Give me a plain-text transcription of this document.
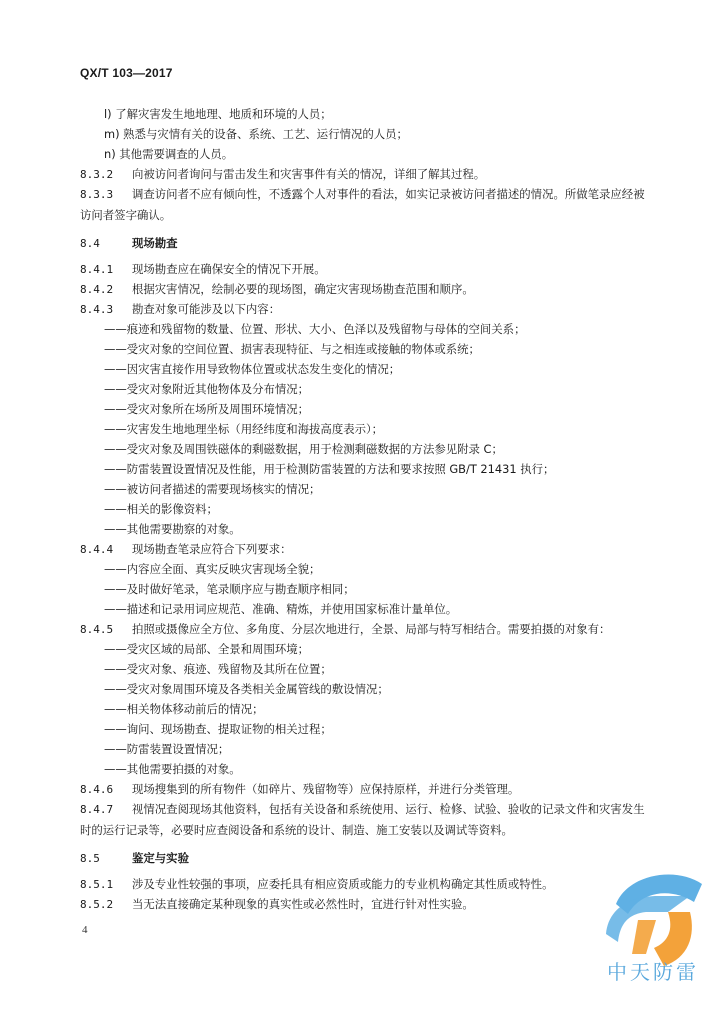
QX/T 103—2017
l) 了解灾害发生地地理、地质和环境的人员；
m) 熟悉与灾情有关的设备、系统、工艺、运行情况的人员；
n) 其他需要调查的人员。
8.3.2 向被访问者询问与雷击发生和灾害事件有关的情况，详细了解其过程。
8.3.3 调查访问者不应有倾向性，不透露个人对事件的看法，如实记录被访问者描述的情况。所做笔录应经被访问者签字确认。
8.4	现场勘查
8.4.1 现场勘查应在确保安全的情况下开展。
8.4.2 根据灾害情况，绘制必要的现场图，确定灾害现场勘查范围和顺序。
8.4.3 勘查对象可能涉及以下内容：
——痕迹和残留物的数量、位置、形状、大小、色泽以及残留物与母体的空间关系；
——受灾对象的空间位置、损害表现特征、与之相连或接触的物体或系统；
——因灾害直接作用导致物体位置或状态发生变化的情况；
——受灾对象附近其他物体及分布情况；
——受灾对象所在场所及周围环境情况；
——灾害发生地地理坐标（用经纬度和海拔高度表示）；
——受灾对象及周围铁磁体的剩磁数据，用于检测剩磁数据的方法参见附录 C；
——防雷装置设置情况及性能，用于检测防雷装置的方法和要求按照 GB/T 21431 执行；
——被访问者描述的需要现场核实的情况；
——相关的影像资料；
——其他需要勘察的对象。
8.4.4 现场勘查笔录应符合下列要求：
——内容应全面、真实反映灾害现场全貌；
——及时做好笔录，笔录顺序应与勘查顺序相同；
——描述和记录用词应规范、准确、精炼，并使用国家标准计量单位。
8.4.5 拍照或摄像应全方位、多角度、分层次地进行，全景、局部与特写相结合。需要拍摄的对象有：
——受灾区域的局部、全景和周围环境；
——受灾对象、痕迹、残留物及其所在位置；
——受灾对象周围环境及各类相关金属管线的敷设情况；
——相关物体移动前后的情况；
——询问、现场勘查、提取证物的相关过程；
——防雷装置设置情况；
——其他需要拍摄的对象。
8.4.6 现场搜集到的所有物件（如碎片、残留物等）应保持原样，并进行分类管理。
8.4.7 视情况查阅现场其他资料，包括有关设备和系统使用、运行、检修、试验、验收的记录文件和灾害发生时的运行记录等，必要时应查阅设备和系统的设计、制造、施工安装以及调试等资料。
8.5	鉴定与实验
8.5.1 涉及专业性较强的事项，应委托具有相应资质或能力的专业机构确定其性质或特性。
8.5.2 当无法直接确定某种现象的真实性或必然性时，宜进行针对性实验。
4
中天防雷
